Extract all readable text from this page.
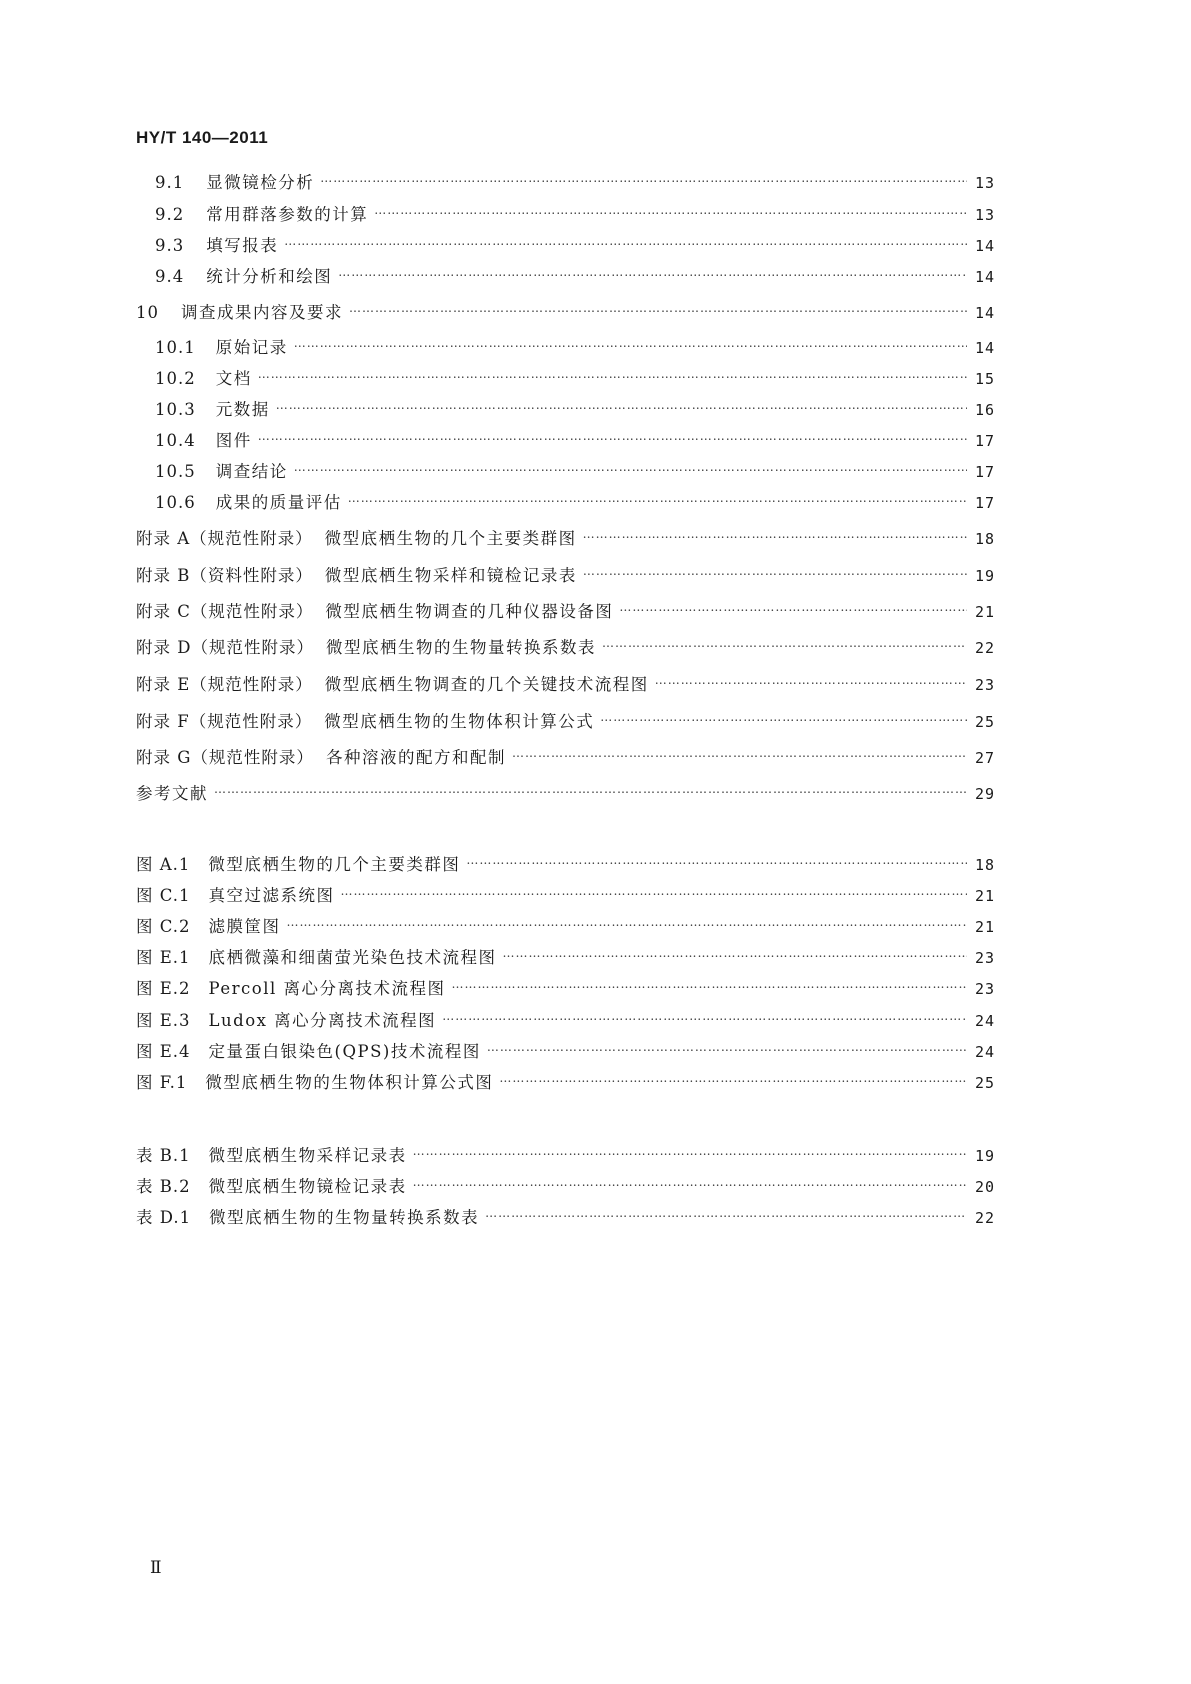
HY/T 140—2011
9.1 显微镜检分析 ………………………………………………………………………………………………………………………………………………………………………………………………………………………………	13
9.2 常用群落参数的计算 ………………………………………………………………………………………………………………………………………………………………………………………………………………………………	13
9.3 填写报表 ………………………………………………………………………………………………………………………………………………………………………………………………………………………………	14
9.4 统计分析和绘图 ………………………………………………………………………………………………………………………………………………………………………………………………………………………………	14
10 调查成果内容及要求 ………………………………………………………………………………………………………………………………………………………………………………………………………………………………	14
10.1 原始记录 ………………………………………………………………………………………………………………………………………………………………………………………………………………………………	14
10.2 文档 ………………………………………………………………………………………………………………………………………………………………………………………………………………………………	15
10.3 元数据 ………………………………………………………………………………………………………………………………………………………………………………………………………………………………	16
10.4 图件 ………………………………………………………………………………………………………………………………………………………………………………………………………………………………	17
10.5 调查结论 ………………………………………………………………………………………………………………………………………………………………………………………………………………………………	17
10.6 成果的质量评估 ………………………………………………………………………………………………………………………………………………………………………………………………………………………………	17
附录 A（规范性附录） 微型底栖生物的几个主要类群图 ………………………………………………………………………………………………………………………………………………………………………………………………………………………………	18
附录 B（资料性附录） 微型底栖生物采样和镜检记录表 ………………………………………………………………………………………………………………………………………………………………………………………………………………………………	19
附录 C（规范性附录） 微型底栖生物调查的几种仪器设备图 ………………………………………………………………………………………………………………………………………………………………………………………………………………………………	21
附录 D（规范性附录） 微型底栖生物的生物量转换系数表 ………………………………………………………………………………………………………………………………………………………………………………………………………………………………	22
附录 E（规范性附录） 微型底栖生物调查的几个关键技术流程图 ………………………………………………………………………………………………………………………………………………………………………………………………………………………………	23
附录 F（规范性附录） 微型底栖生物的生物体积计算公式 ………………………………………………………………………………………………………………………………………………………………………………………………………………………………	25
附录 G（规范性附录） 各种溶液的配方和配制 ………………………………………………………………………………………………………………………………………………………………………………………………………………………………	27
参考文献 ………………………………………………………………………………………………………………………………………………………………………………………………………………………………	29
图 A.1 微型底栖生物的几个主要类群图 ………………………………………………………………………………………………………………………………………………………………………………………………………………………………	18
图 C.1 真空过滤系统图 ………………………………………………………………………………………………………………………………………………………………………………………………………………………………	21
图 C.2 滤膜筐图 ………………………………………………………………………………………………………………………………………………………………………………………………………………………………	21
图 E.1 底栖微藻和细菌萤光染色技术流程图 ………………………………………………………………………………………………………………………………………………………………………………………………………………………………	23
图 E.2 Percoll 离心分离技术流程图 ………………………………………………………………………………………………………………………………………………………………………………………………………………………………	23
图 E.3 Ludox 离心分离技术流程图 ………………………………………………………………………………………………………………………………………………………………………………………………………………………………	24
图 E.4 定量蛋白银染色(QPS)技术流程图 ………………………………………………………………………………………………………………………………………………………………………………………………………………………………	24
图 F.1 微型底栖生物的生物体积计算公式图 ………………………………………………………………………………………………………………………………………………………………………………………………………………………………	25
表 B.1 微型底栖生物采样记录表 ………………………………………………………………………………………………………………………………………………………………………………………………………………………………	19
表 B.2 微型底栖生物镜检记录表 ………………………………………………………………………………………………………………………………………………………………………………………………………………………………	20
表 D.1 微型底栖生物的生物量转换系数表 ………………………………………………………………………………………………………………………………………………………………………………………………………………………………	22
Ⅱ
